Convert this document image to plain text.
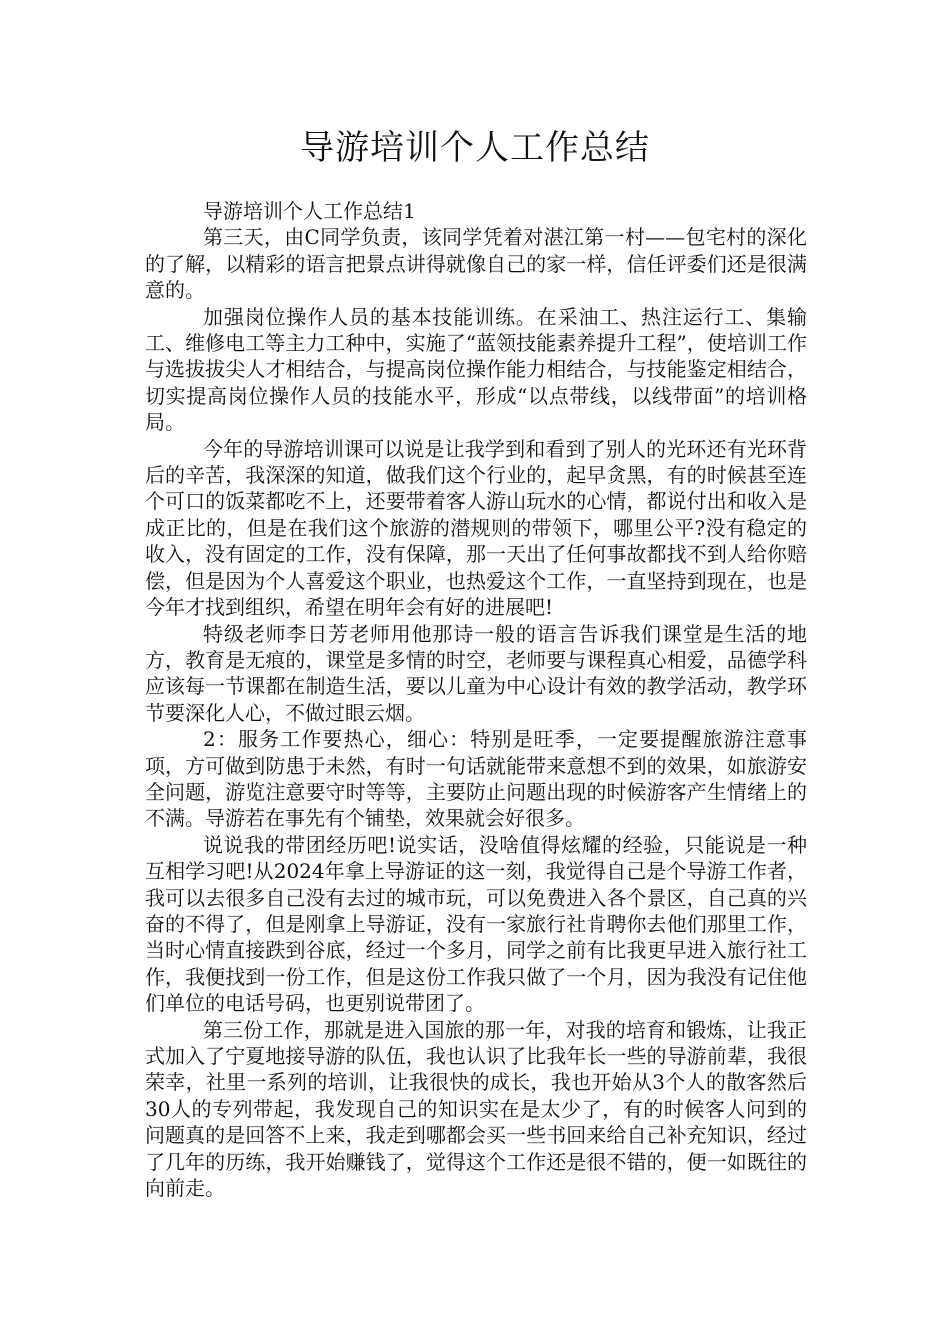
导游培训个人工作总结

导游培训个人工作总结1

第三天，由C同学负责，该同学凭着对湛江第一村——包宅村的深化的了解，以精彩的语言把景点讲得就像自己的家一样，信任评委们还是很满意的。

加强岗位操作人员的基本技能训练。在采油工、热注运行工、集输工、维修电工等主力工种中，实施了“蓝领技能素养提升工程”，使培训工作与选拔拔尖人才相结合，与提高岗位操作能力相结合，与技能鉴定相结合，切实提高岗位操作人员的技能水平，形成“以点带线，以线带面”的培训格局。

今年的导游培训课可以说是让我学到和看到了别人的光环还有光环背后的辛苦，我深深的知道，做我们这个行业的，起早贪黑，有的时候甚至连个可口的饭菜都吃不上，还要带着客人游山玩水的心情，都说付出和收入是成正比的，但是在我们这个旅游的潜规则的带领下，哪里公平?没有稳定的收入，没有固定的工作，没有保障，那一天出了任何事故都找不到人给你赔偿，但是因为个人喜爱这个职业，也热爱这个工作，一直坚持到现在，也是今年才找到组织，希望在明年会有好的进展吧!

特级老师李日芳老师用他那诗一般的语言告诉我们课堂是生活的地方，教育是无痕的，课堂是多情的时空，老师要与课程真心相爱，品德学科应该每一节课都在制造生活，要以儿童为中心设计有效的教学活动，教学环节要深化人心，不做过眼云烟。

2：服务工作要热心，细心：特别是旺季，一定要提醒旅游注意事项，方可做到防患于未然，有时一句话就能带来意想不到的效果，如旅游安全问题，游览注意要守时等等，主要防止问题出现的时候游客产生情绪上的不满。导游若在事先有个铺垫，效果就会好很多。

说说我的带团经历吧!说实话，没啥值得炫耀的经验，只能说是一种互相学习吧!从2024年拿上导游证的这一刻，我觉得自己是个导游工作者，我可以去很多自己没有去过的城市玩，可以免费进入各个景区，自己真的兴奋的不得了，但是刚拿上导游证，没有一家旅行社肯聘你去他们那里工作，当时心情直接跌到谷底，经过一个多月，同学之前有比我更早进入旅行社工作，我便找到一份工作，但是这份工作我只做了一个月，因为我没有记住他们单位的电话号码，也更别说带团了。

第三份工作，那就是进入国旅的那一年，对我的培育和锻炼，让我正式加入了宁夏地接导游的队伍，我也认识了比我年长一些的导游前辈，我很荣幸，社里一系列的培训，让我很快的成长，我也开始从3个人的散客然后30人的专列带起，我发现自己的知识实在是太少了，有的时候客人问到的问题真的是回答不上来，我走到哪都会买一些书回来给自己补充知识，经过了几年的历练，我开始赚钱了，觉得这个工作还是很不错的，便一如既往的向前走。
